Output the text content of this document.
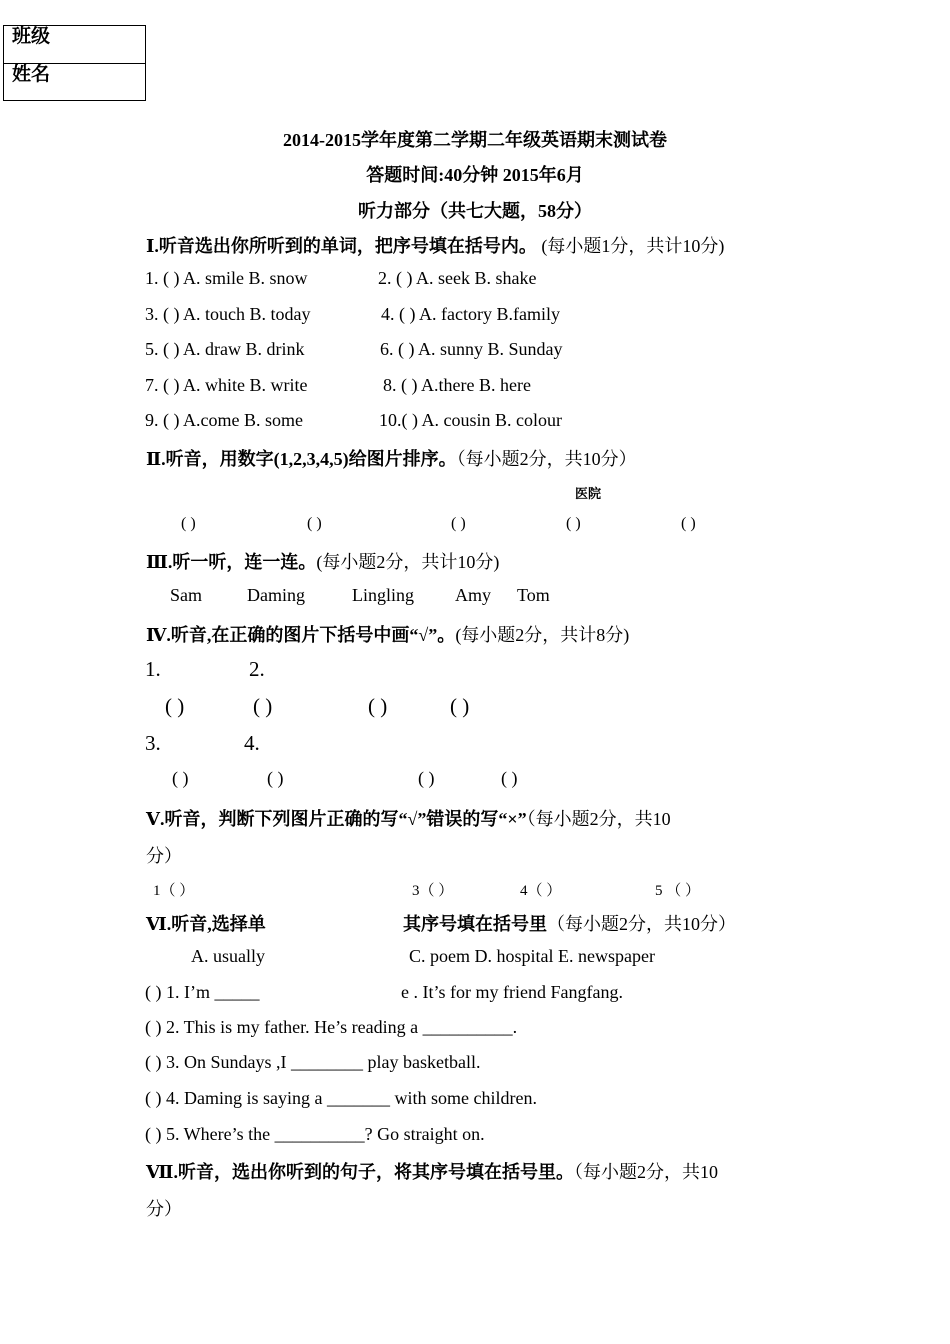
班级
姓名
2014-2015学年度第二学期二年级英语期末测试卷
答题时间:40分钟 2015年6月
听力部分（共七大题，58分）
Ⅰ.听音选出你所听到的单词，把序号填在括号内。 (每小题1分，共计10分)
1. ( ) A. smile B. snow	2. ( ) A. seek B. shake
3. ( ) A. touch B. today	4. ( ) A. factory B.family
5. ( ) A. draw B. drink	6. ( ) A. sunny B. Sunday
7. ( ) A. white B. write	8. ( ) A.there B. here
9. ( ) A.come B. some	10.( ) A. cousin B. colour
Ⅱ.听音，用数字(1,2,3,4,5)给图片排序。（每小题2分，共10分）
医院
( )	( )	( )	( )	( )
Ⅲ.听一听，连一连。(每小题2分，共计10分)
Sam Daming	Lingling Amy Tom
Ⅳ.听音,在正确的图片下括号中画“√”。(每小题2分，共计8分)
1.	2.
( )	( )	( )	( )
3.	4.
( )	( )	( )	( )
Ⅴ.听音，判断下列图片正确的写“√”错误的写“×”（每小题2分，共10
分）
1（ ）	3（ ）	4（ ）	5 （ ）
Ⅵ.听音,选择单	其序号填在括号里（每小题2分，共10分）
A. usually	C. poem D. hospital E. newspaper
( ) 1. I’m _____	e . It’s for my friend Fangfang.
( ) 2. This is my father. He’s reading a __________.
( ) 3. On Sundays ,I ________ play basketball.
( ) 4. Daming is saying a _______ with some children.
( ) 5. Where’s the __________? Go straight on.
Ⅶ.听音，选出你听到的句子，将其序号填在括号里。（每小题2分，共10
分）
